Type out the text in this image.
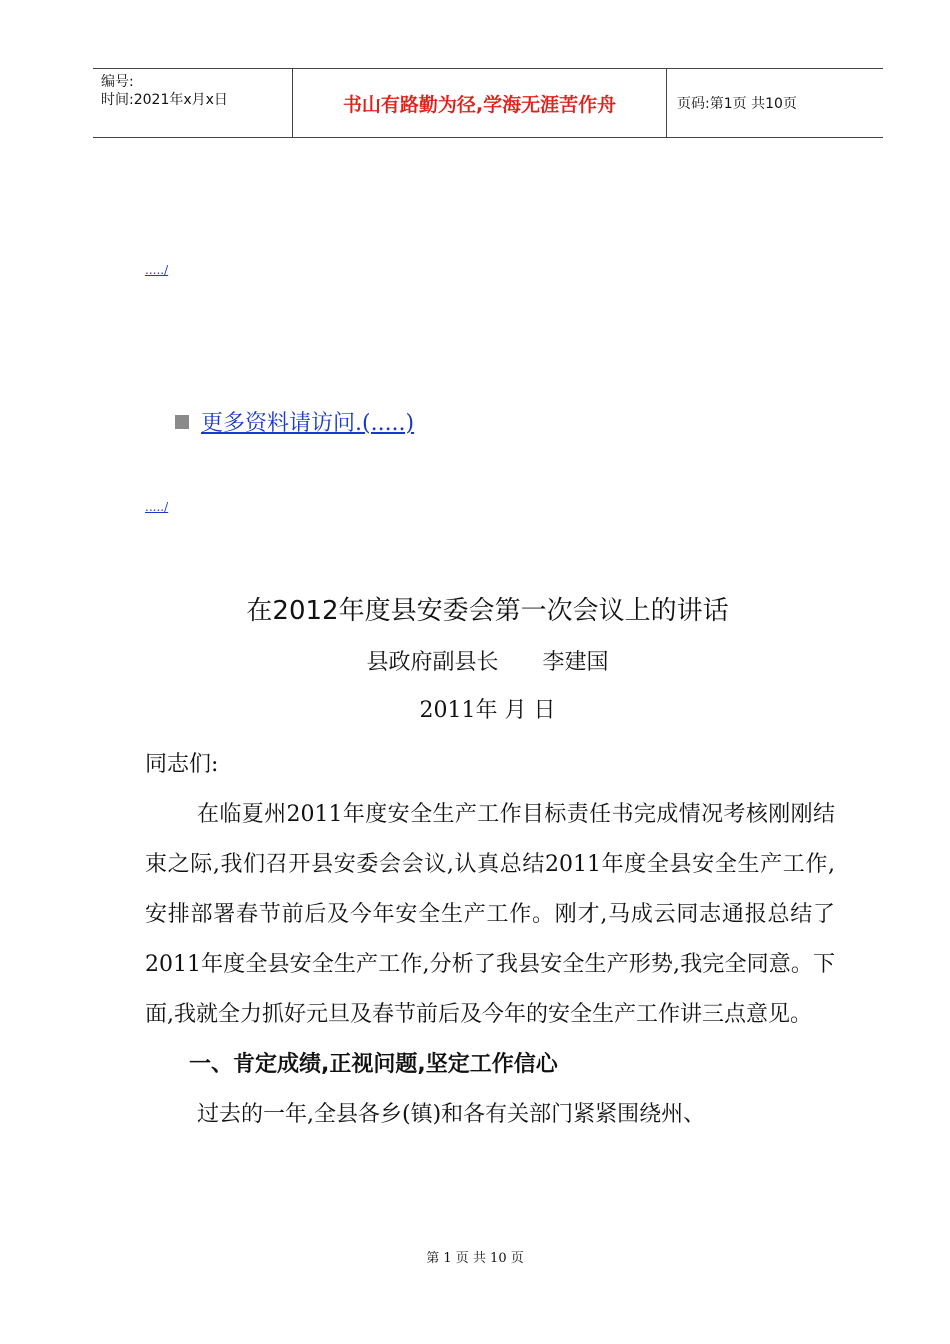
编号:
时间:2021年x月x日	书山有路勤为径,学海无涯苦作舟	页码:第1页 共10页
...../
更多资料请访问.(.....)
...../
在2012年度县安委会第一次会议上的讲话
县政府副县长 李建国
2011年 月 日

同志们:

在临夏州2011年度安全生产工作目标责任书完成情况考核刚刚结束之际,我们召开县安委会会议,认真总结2011年度全县安全生产工作,安排部署春节前后及今年安全生产工作。刚才,马成云同志通报总结了2011年度全县安全生产工作,分析了我县安全生产形势,我完全同意。下面,我就全力抓好元旦及春节前后及今年的安全生产工作讲三点意见。

一、肯定成绩,正视问题,坚定工作信心

过去的一年,全县各乡(镇)和各有关部门紧紧围绕州、

第 1 页 共 10 页
